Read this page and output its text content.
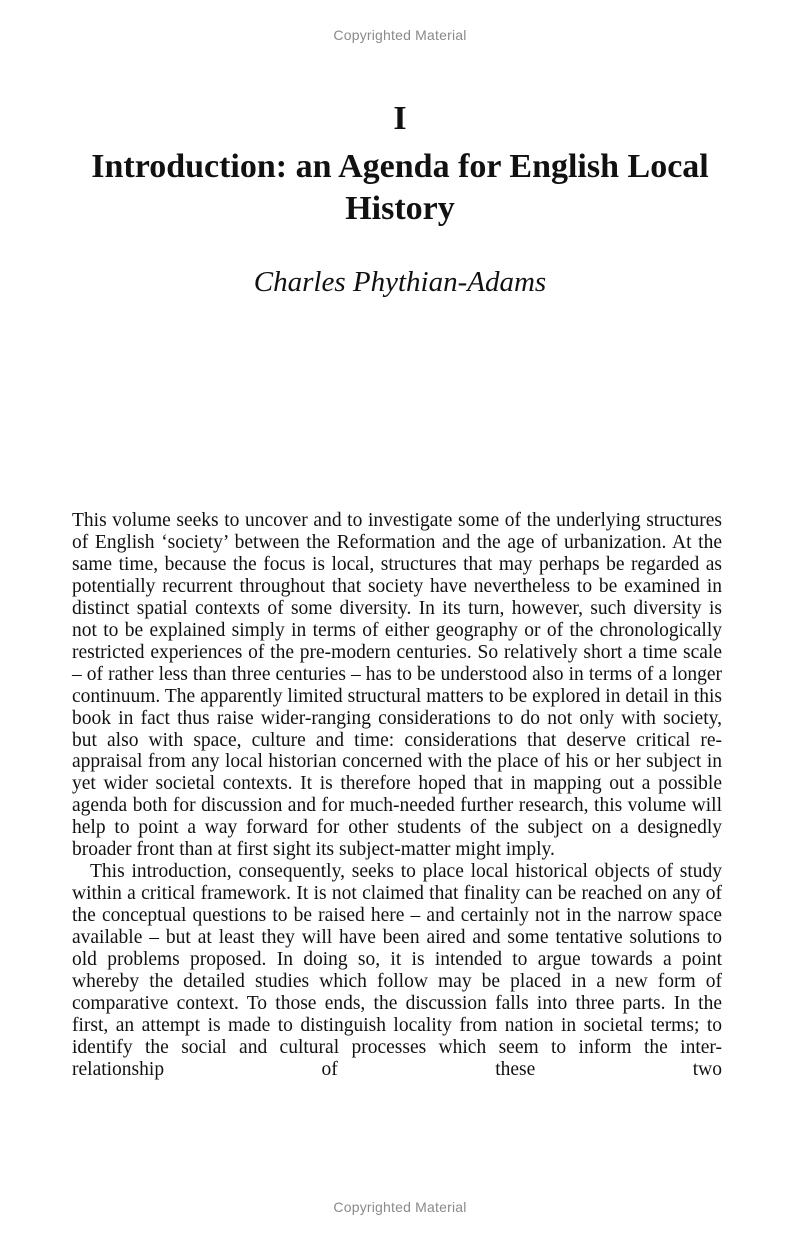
Copyrighted Material
I
Introduction: an Agenda for English Local History
Charles Phythian-Adams

This volume seeks to uncover and to investigate some of the underlying structures of English ‘society’ between the Reformation and the age of urbanization. At the same time, because the focus is local, structures that may perhaps be regarded as potentially recurrent throughout that society have nevertheless to be examined in distinct spatial contexts of some diversity. In its turn, however, such diversity is not to be explained simply in terms of either geography or of the chronologically restricted experiences of the pre-modern centuries. So relatively short a time scale – of rather less than three centuries – has to be understood also in terms of a longer continuum. The apparently limited structural matters to be explored in detail in this book in fact thus raise wider-ranging considerations to do not only with society, but also with space, culture and time: considerations that deserve critical re-appraisal from any local historian concerned with the place of his or her subject in yet wider societal contexts. It is therefore hoped that in mapping out a possible agenda both for discussion and for much-needed further research, this volume will help to point a way forward for other students of the subject on a designedly broader front than at first sight its subject-matter might imply.

This introduction, consequently, seeks to place local historical objects of study within a critical framework. It is not claimed that finality can be reached on any of the conceptual questions to be raised here – and certainly not in the narrow space available – but at least they will have been aired and some tentative solutions to old problems proposed. In doing so, it is intended to argue towards a point whereby the detailed studies which follow may be placed in a new form of comparative context. To those ends, the discussion falls into three parts. In the first, an attempt is made to distinguish locality from nation in societal terms; to identify the social and cultural processes which seem to inform the inter-relationship of these two

Copyrighted Material
